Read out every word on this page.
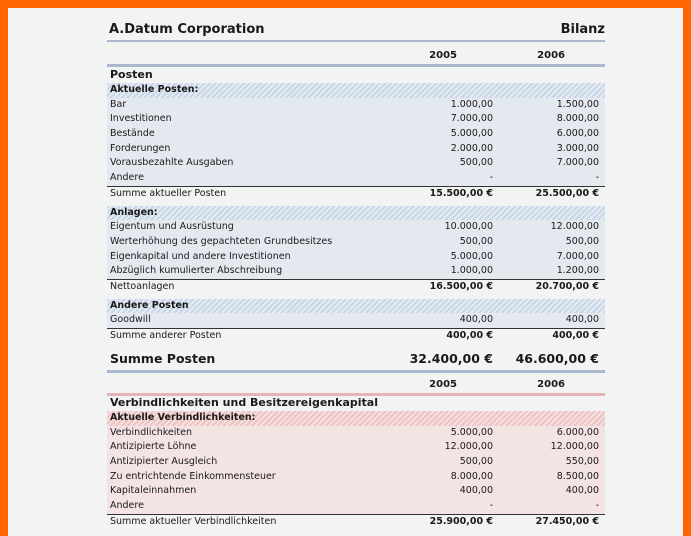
A.Datum Corporation	Bilanz
2005	2006
Posten
Aktuelle Posten:
Bar	1.000,00	1.500,00
Investitionen	7.000,00	8.000,00
Bestände	5.000,00	6.000,00
Forderungen	2.000,00	3.000,00
Vorausbezahlte Ausgaben	500,00	7.000,00
Andere	-	-
Summe aktueller Posten	15.500,00 €	25.500,00 €
Anlagen:
Eigentum und Ausrüstung	10.000,00	12.000,00
Werterhöhung des gepachteten Grundbesitzes	500,00	500,00
Eigenkapital und andere Investitionen	5.000,00	7.000,00
Abzüglich kumulierter Abschreibung	1.000,00	1.200,00
Nettoanlagen	16.500,00 €	20.700,00 €
Andere Posten
Goodwill	400,00	400,00
Summe anderer Posten	400,00 €	400,00 €
Summe Posten	32.400,00 € 46.600,00 €
2005	2006
Verbindlichkeiten und Besitzereigenkapital
Aktuelle Verbindlichkeiten:
Verbindlichkeiten	5.000,00	6.000,00
Antizipierte Löhne	12.000,00	12.000,00
Antizipierter Ausgleich	500,00	550,00
Zu entrichtende Einkommensteuer	8.000,00	8.500,00
Kapitaleinnahmen	400,00	400,00
Andere	-	-
Summe aktueller Verbindlichkeiten	25.900,00 €	27.450,00 €
